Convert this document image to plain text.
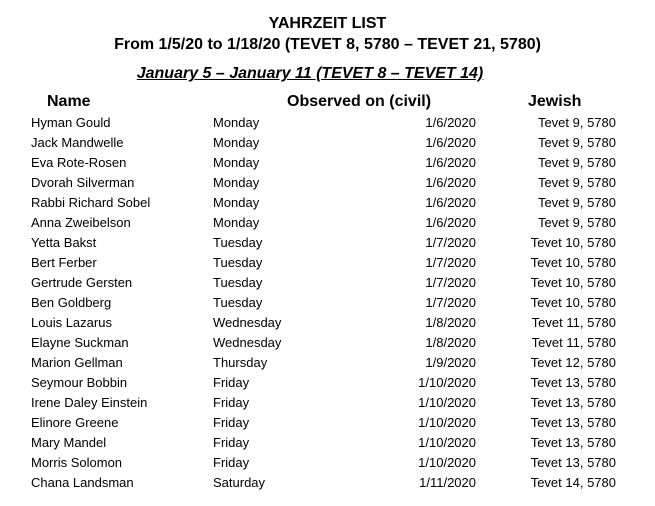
YAHRZEIT LIST
From 1/5/20 to 1/18/20 (TEVET 8, 5780 – TEVET 21, 5780)
January 5 – January 11 (TEVET 8 – TEVET 14)
Name	Observed on (civil)	Jewish
Hyman Gould	Monday	1/6/2020	Tevet 9, 5780
Jack Mandwelle	Monday	1/6/2020	Tevet 9, 5780
Eva Rote-Rosen	Monday	1/6/2020	Tevet 9, 5780
Dvorah Silverman	Monday	1/6/2020	Tevet 9, 5780
Rabbi Richard Sobel	Monday	1/6/2020	Tevet 9, 5780
Anna Zweibelson	Monday	1/6/2020	Tevet 9, 5780
Yetta Bakst	Tuesday	1/7/2020	Tevet 10, 5780
Bert Ferber	Tuesday	1/7/2020	Tevet 10, 5780
Gertrude Gersten	Tuesday	1/7/2020	Tevet 10, 5780
Ben Goldberg	Tuesday	1/7/2020	Tevet 10, 5780
Louis Lazarus	Wednesday	1/8/2020	Tevet 11, 5780
Elayne Suckman	Wednesday	1/8/2020	Tevet 11, 5780
Marion Gellman	Thursday	1/9/2020	Tevet 12, 5780
Seymour Bobbin	Friday	1/10/2020	Tevet 13, 5780
Irene Daley Einstein	Friday	1/10/2020	Tevet 13, 5780
Elinore Greene	Friday	1/10/2020	Tevet 13, 5780
Mary Mandel	Friday	1/10/2020	Tevet 13, 5780
Morris Solomon	Friday	1/10/2020	Tevet 13, 5780
Chana Landsman	Saturday	1/11/2020	Tevet 14, 5780
